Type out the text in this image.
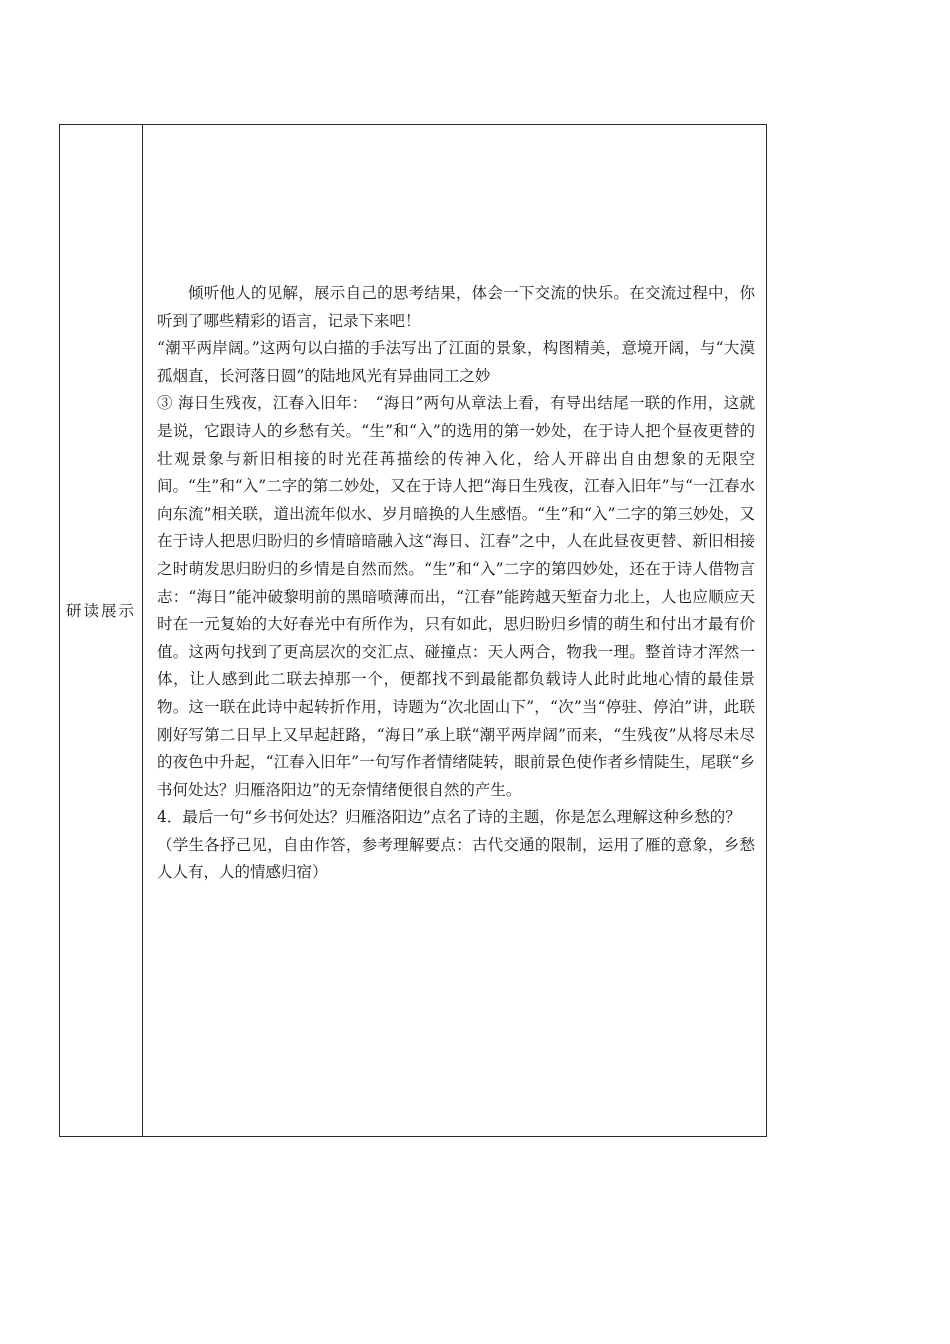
研读展示

倾听他人的见解，展示自己的思考结果，体会一下交流的快乐。在交流过程中，你听到了哪些精彩的语言，记录下来吧！

“潮平两岸阔。”这两句以白描的手法写出了江面的景象，构图精美，意境开阔，与“大漠孤烟直，长河落日圆”的陆地风光有异曲同工之妙

③ 海日生残夜，江春入旧年：　“海日”两句从章法上看，有导出结尾一联的作用，这就是说，它跟诗人的乡愁有关。“生”和“入”的选用的第一妙处，在于诗人把个昼夜更替的壮观景象与新旧相接的时光荏苒描绘的传神入化，给人开辟出自由想象的无限空间。“生”和“入”二字的第二妙处，又在于诗人把“海日生残夜，江春入旧年”与“一江春水向东流”相关联，道出流年似水、岁月暗换的人生感悟。“生”和“入”二字的第三妙处，又在于诗人把思归盼归的乡情暗暗融入这“海日、江春”之中，人在此昼夜更替、新旧相接之时萌发思归盼归的乡情是自然而然。“生”和“入”二字的第四妙处，还在于诗人借物言志：“海日”能冲破黎明前的黑暗喷薄而出，“江春”能跨越天堑奋力北上，人也应顺应天时在一元复始的大好春光中有所作为，只有如此，思归盼归乡情的萌生和付出才最有价值。这两句找到了更高层次的交汇点、碰撞点：天人两合，物我一理。整首诗才浑然一体，让人感到此二联去掉那一个，便都找不到最能都负载诗人此时此地心情的最佳景物。这一联在此诗中起转折作用，诗题为“次北固山下”，“次”当“停驻、停泊”讲，此联刚好写第二日早上又早起赶路，“海日”承上联“潮平两岸阔”而来，“生残夜”从将尽未尽的夜色中升起，“江春入旧年”一句写作者情绪陡转，眼前景色使作者乡情陡生，尾联“乡书何处达？归雁洛阳边”的无奈情绪便很自然的产生。

4．最后一句“乡书何处达？归雁洛阳边”点名了诗的主题，你是怎么理解这种乡愁的？

（学生各抒己见，自由作答，参考理解要点：古代交通的限制，运用了雁的意象，乡愁人人有，人的情感归宿）
